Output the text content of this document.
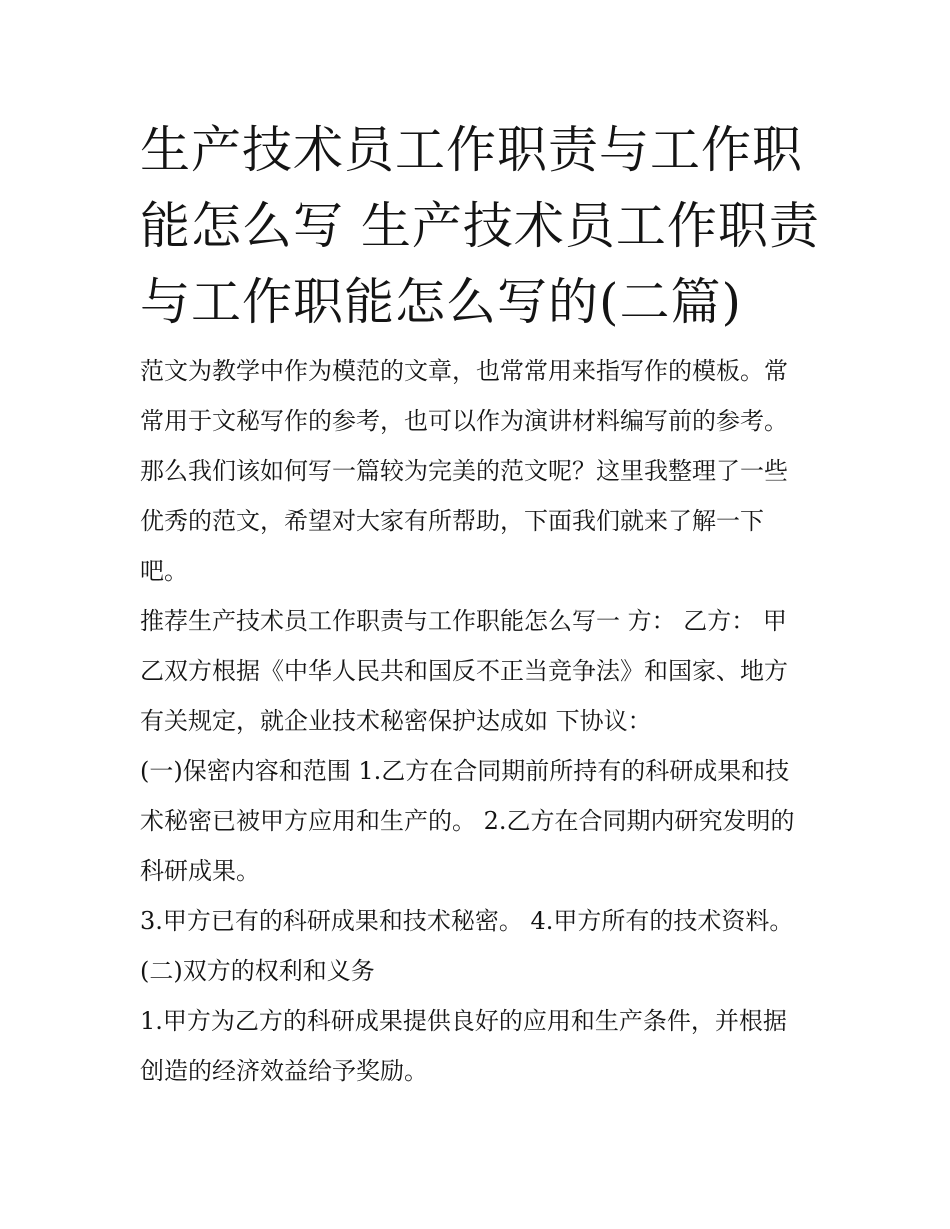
生产技术员工作职责与工作职
能怎么写 生产技术员工作职责
与工作职能怎么写的(二篇)

范文为教学中作为模范的文章，也常常用来指写作的模板。常
常用于文秘写作的参考，也可以作为演讲材料编写前的参考。
那么我们该如何写一篇较为完美的范文呢？这里我整理了一些
优秀的范文，希望对大家有所帮助，下面我们就来了解一下
吧。

推荐生产技术员工作职责与工作职能怎么写一 方： 乙方： 甲
乙双方根据《中华人民共和国反不正当竞争法》和国家、地方
有关规定，就企业技术秘密保护达成如 下协议：

(一)保密内容和范围 1.乙方在合同期前所持有的科研成果和技
术秘密已被甲方应用和生产的。 2.乙方在合同期内研究发明的
科研成果。

3.甲方已有的科研成果和技术秘密。 4.甲方所有的技术资料。

(二)双方的权利和义务

1.甲方为乙方的科研成果提供良好的应用和生产条件，并根据
创造的经济效益给予奖励。
